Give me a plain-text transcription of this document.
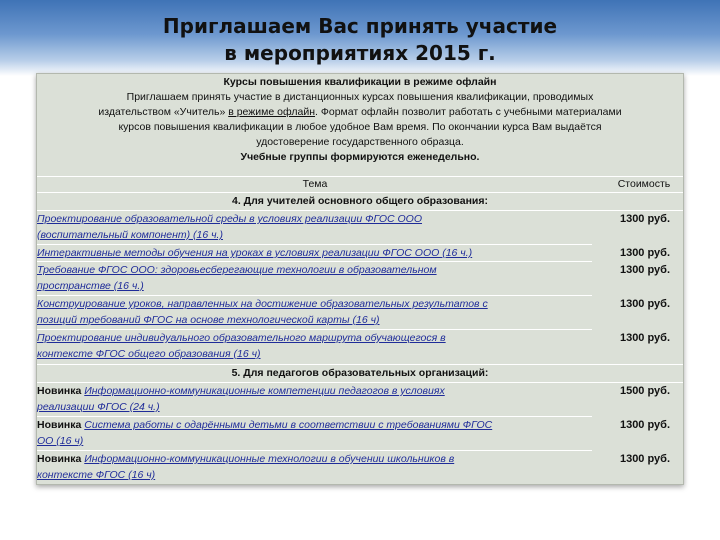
Приглашаем Вас принять участие
в мероприятиях 2015 г.
Курсы повышения квалификации в режиме офлайн
Приглашаем принять участие в дистанционных курсах повышения квалификации, проводимых
издательством «Учитель» в режиме офлайн. Формат офлайн позволит работать с учебными материалами
курсов повышения квалификации в любое удобное Вам время. По окончании курса Вам выдаётся
удостоверение государственного образца.
Учебные группы формируются еженедельно.
Тема	Стоимость
4. Для учителей основного общего образования:
Проектирование образовательной среды в условиях реализации ФГОС ООО
(воспитательный компонент) (16 ч.)
1300 руб.
Интерактивные методы обучения на уроках в условиях реализации ФГОС ООО (16 ч.)	1300 руб.
Требование ФГОС ООО: здоровьесберегающие технологии в образовательном
пространстве (16 ч.)
1300 руб.
Конструирование уроков, направленных на достижение образовательных результатов с
позиций требований ФГОС на основе технологической карты (16 ч)
1300 руб.
Проектирование индивидуального образовательного маршрута обучающегося в
контексте ФГОС общего образования (16 ч)
1300 руб.
5. Для педагогов образовательных организаций:
Новинка Информационно-коммуникационные компетенции педагогов в условиях
реализации ФГОС (24 ч.)
1500 руб.
Новинка Система работы с одарёнными детьми в соответствии с требованиями ФГОС
ОО (16 ч)
1300 руб.
Новинка Информационно-коммуникационные технологии в обучении школьников в
контексте ФГОС (16 ч)
1300 руб.
